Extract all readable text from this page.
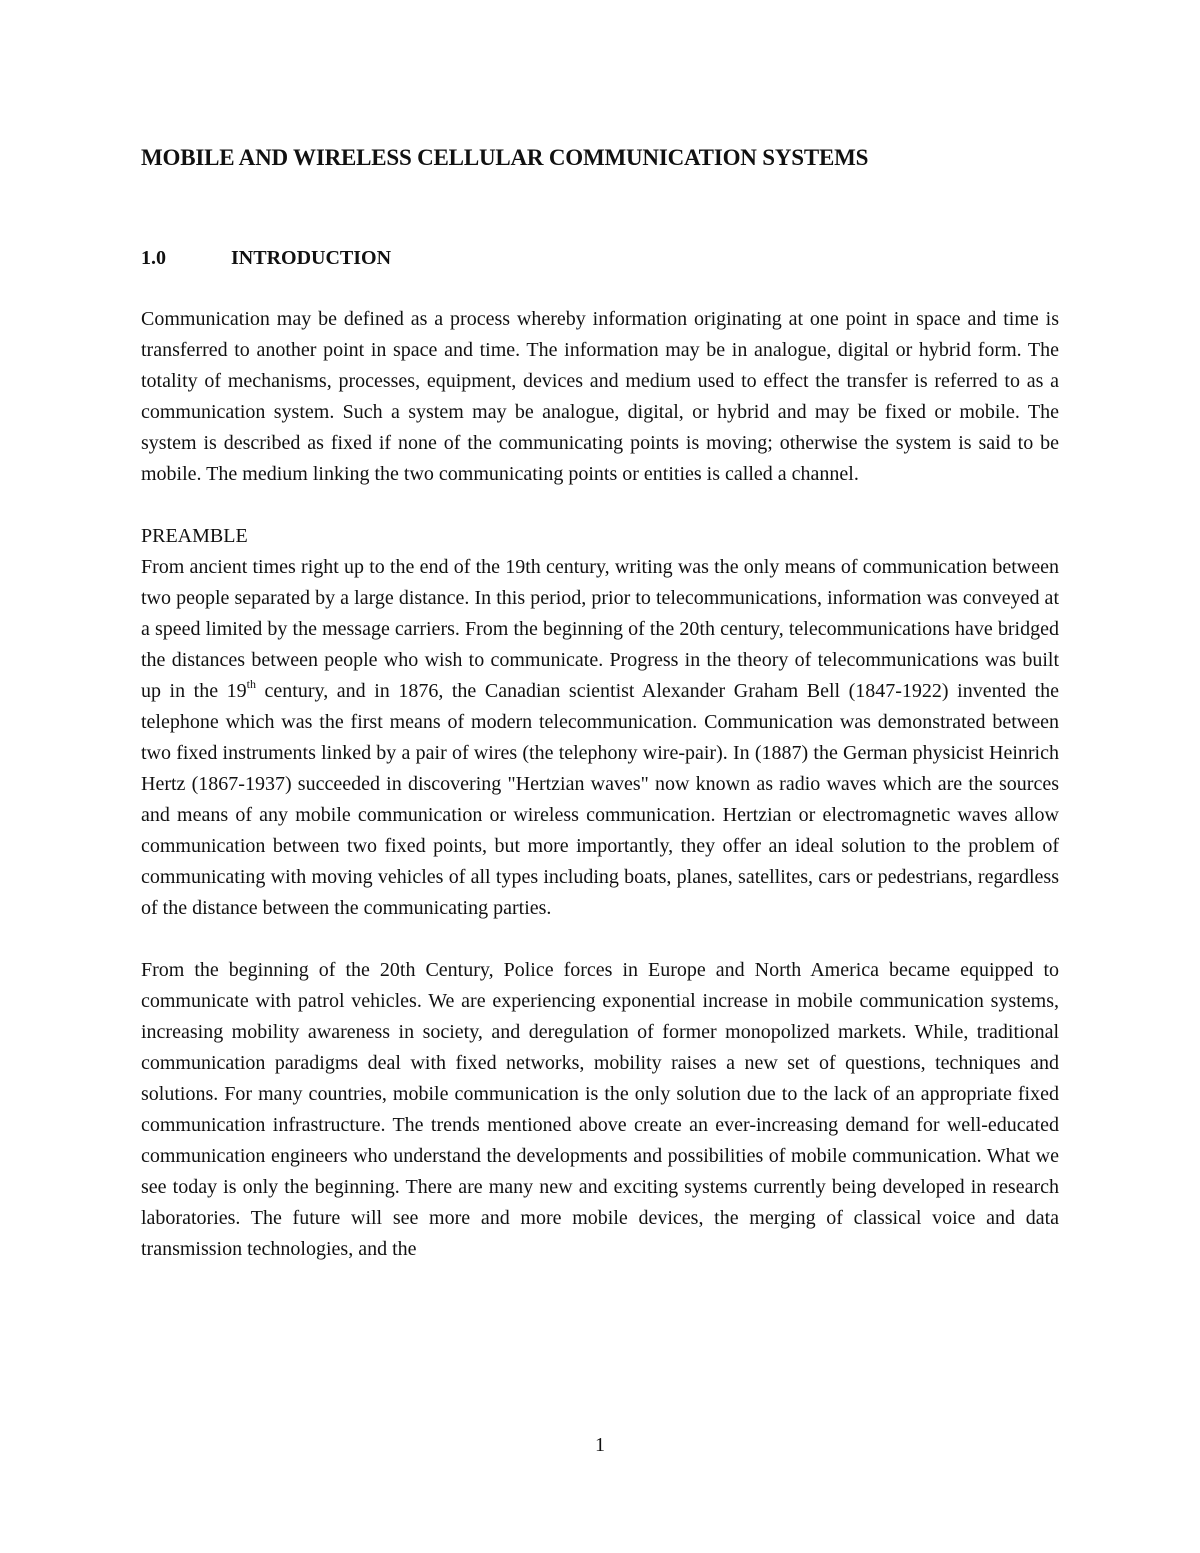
MOBILE AND WIRELESS CELLULAR COMMUNICATION SYSTEMS
1.0	INTRODUCTION

Communication may be defined as a process whereby information originating at one point in space and time is transferred to another point in space and time. The information may be in analogue, digital or hybrid form. The totality of mechanisms, processes, equipment, devices and medium used to effect the transfer is referred to as a communication system. Such a system may be analogue, digital, or hybrid and may be fixed or mobile. The system is described as fixed if none of the communicating points is moving; otherwise the system is said to be mobile. The medium linking the two communicating points or entities is called a channel.

PREAMBLE

From ancient times right up to the end of the 19th century, writing was the only means of communication between two people separated by a large distance. In this period, prior to telecommunications, information was conveyed at a speed limited by the message carriers. From the beginning of the 20th century, telecommunications have bridged the distances between people who wish to communicate. Progress in the theory of telecommunications was built up in the 19th century, and in 1876, the Canadian scientist Alexander Graham Bell (1847-1922) invented the telephone which was the first means of modern telecommunication. Communication was demonstrated between two fixed instruments linked by a pair of wires (the telephony wire-pair). In (1887) the German physicist Heinrich Hertz (1867-1937) succeeded in discovering "Hertzian waves" now known as radio waves which are the sources and means of any mobile communication or wireless communication. Hertzian or electromagnetic waves allow communication between two fixed points, but more importantly, they offer an ideal solution to the problem of communicating with moving vehicles of all types including boats, planes, satellites, cars or pedestrians, regardless of the distance between the communicating parties.

From the beginning of the 20th Century, Police forces in Europe and North America became equipped to communicate with patrol vehicles. We are experiencing exponential increase in mobile communication systems, increasing mobility awareness in society, and deregulation of former monopolized markets. While, traditional communication paradigms deal with fixed networks, mobility raises a new set of questions, techniques and solutions. For many countries, mobile communication is the only solution due to the lack of an appropriate fixed communication infrastructure. The trends mentioned above create an ever-increasing demand for well-educated communication engineers who understand the developments and possibilities of mobile communication. What we see today is only the beginning. There are many new and exciting systems currently being developed in research laboratories. The future will see more and more mobile devices, the merging of classical voice and data transmission technologies, and the

1
